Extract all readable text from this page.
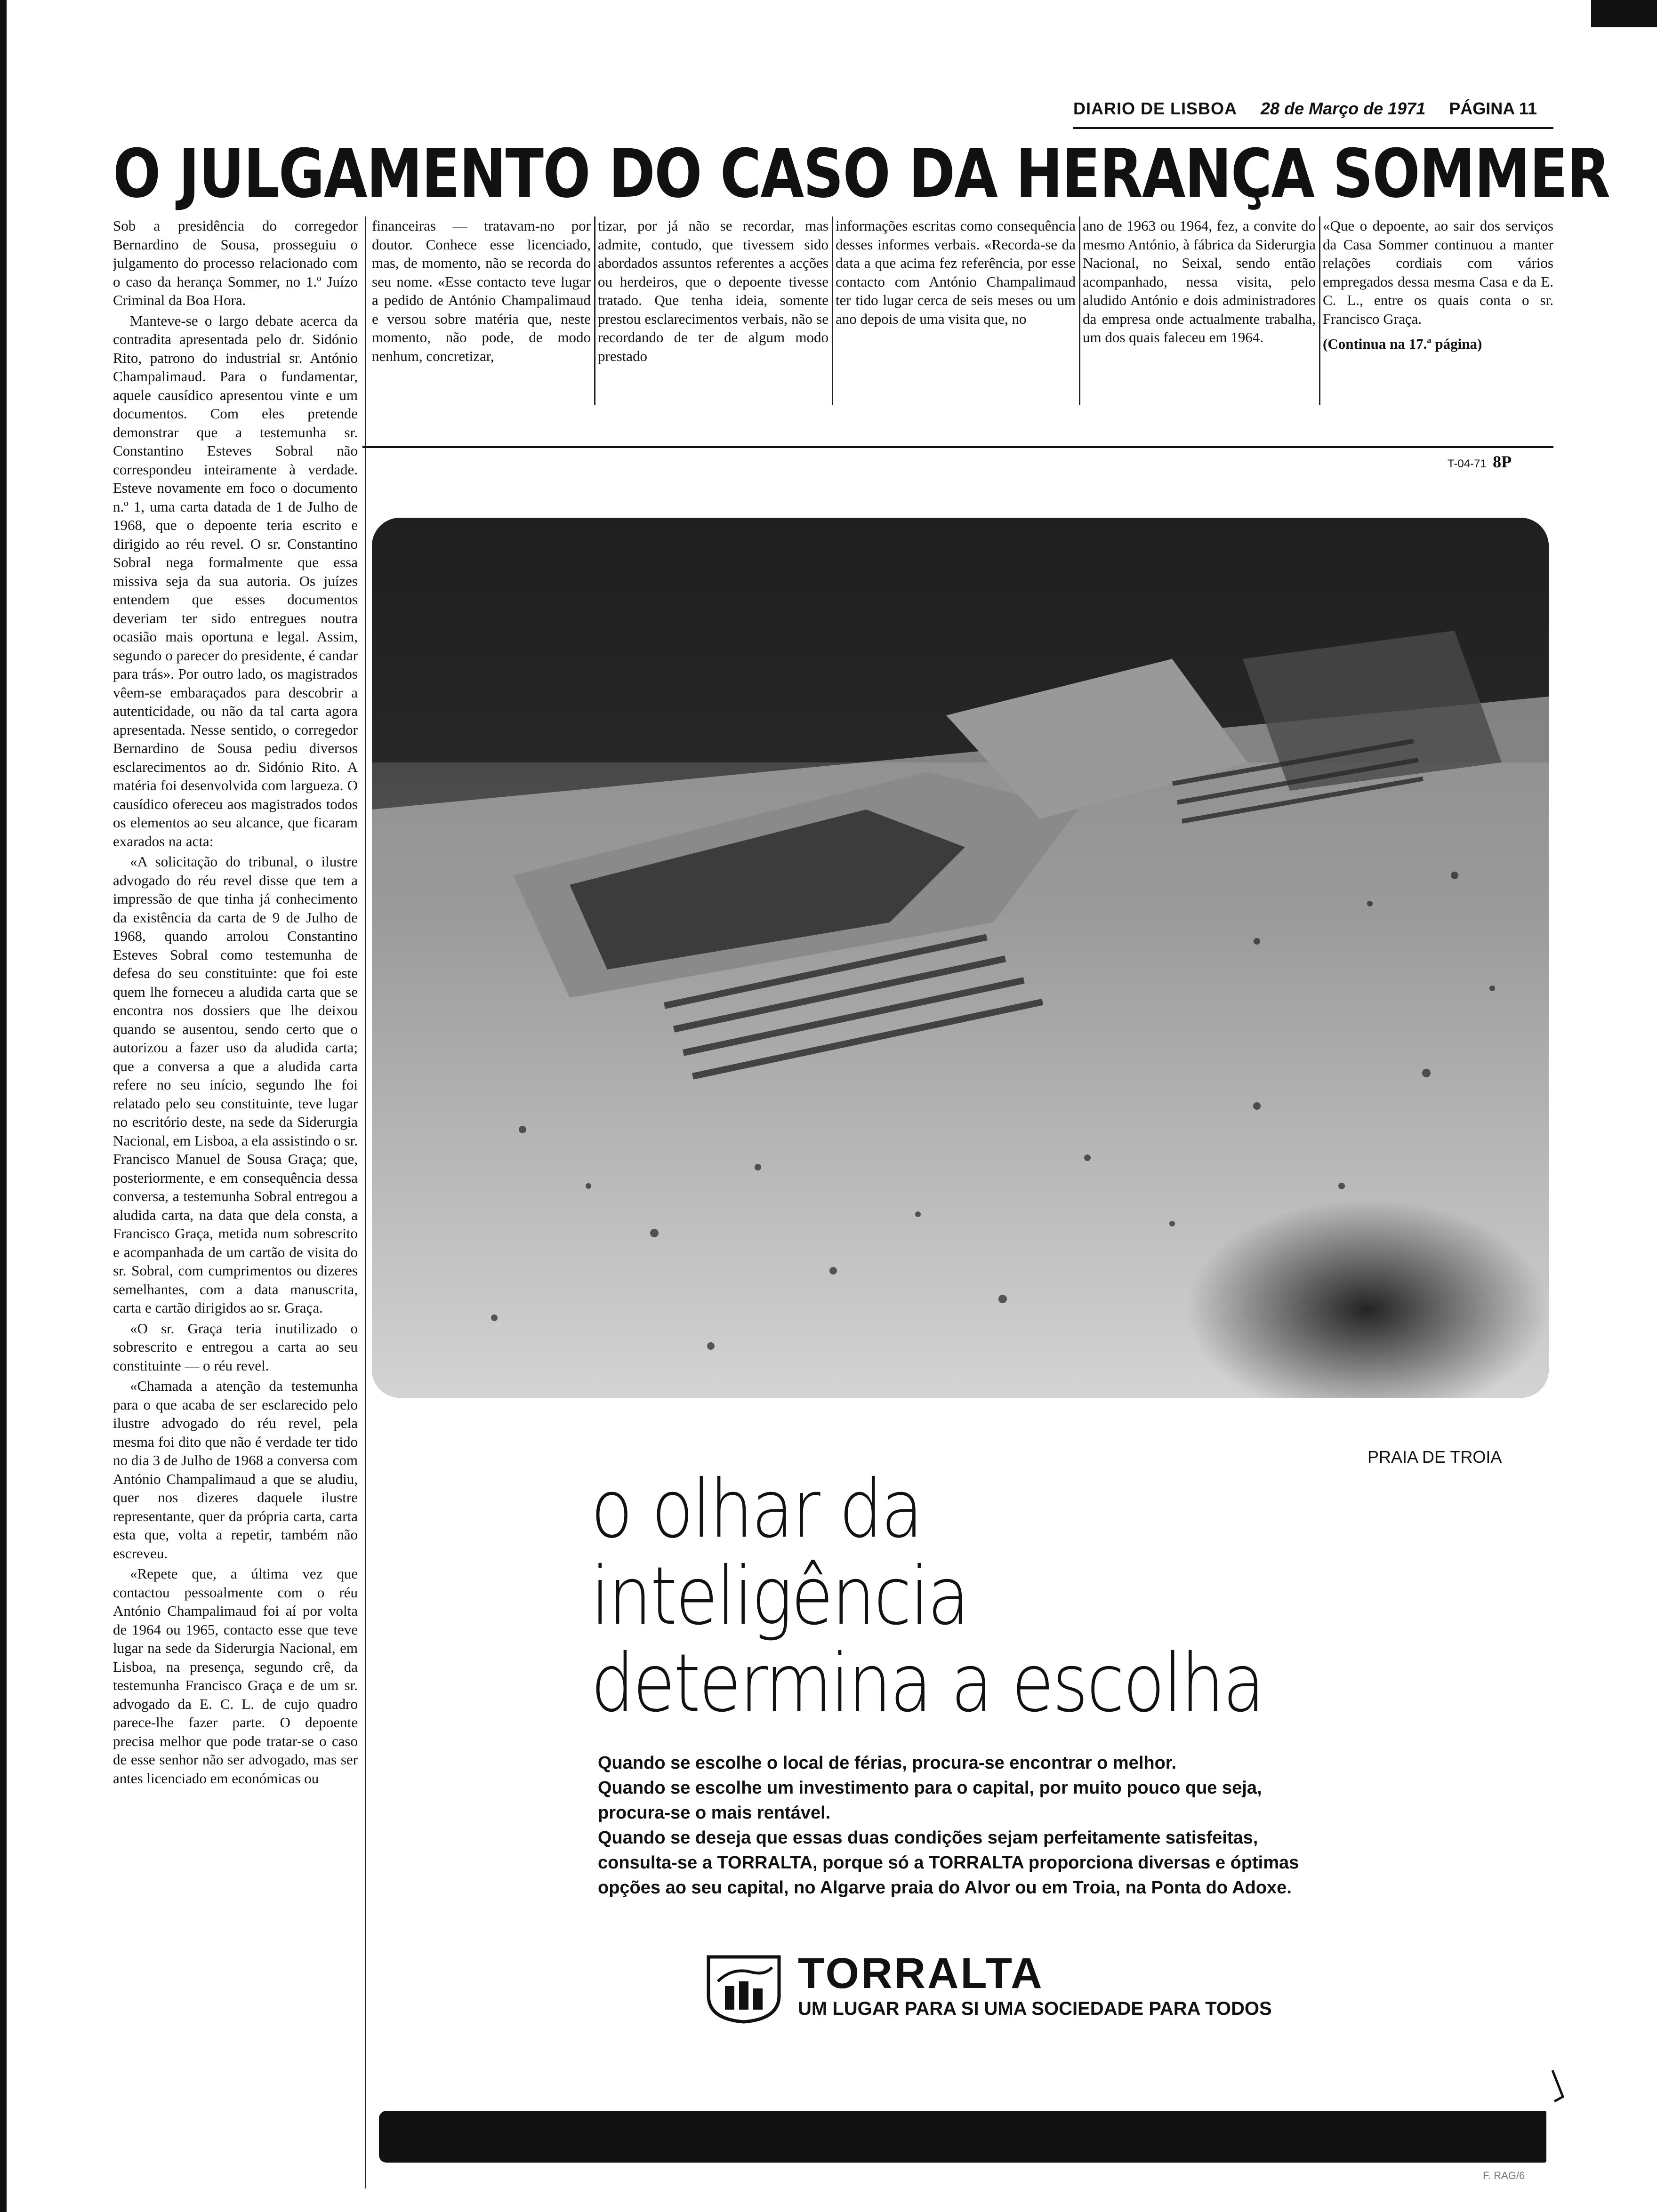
DIARIO DE LISBOA 28 de Março de 1971 PÁGINA 11
O JULGAMENTO DO CASO DA HERANÇA SOMMER

Sob a presidência do corregedor Bernardino de Sousa, prosseguiu o julgamento do processo relacionado com o caso da herança Sommer, no 1.º Juízo Criminal da Boa Hora.

Manteve-se o largo debate acerca da contradita apresentada pelo dr. Sidónio Rito, patrono do industrial sr. António Champalimaud. Para o fundamentar, aquele causídico apresentou vinte e um documentos. Com eles pretende demonstrar que a testemunha sr. Constantino Esteves Sobral não correspondeu inteiramente à verdade. Esteve novamente em foco o documento n.º 1, uma carta datada de 1 de Julho de 1968, que o depoente teria escrito e dirigido ao réu revel. O sr. Constantino Sobral nega formalmente que essa missiva seja da sua autoria. Os juízes entendem que esses documentos deveriam ter sido entregues noutra ocasião mais oportuna e legal. Assim, segundo o parecer do presidente, é candar para trás». Por outro lado, os magistrados vêem-se embaraçados para descobrir a autenticidade, ou não da tal carta agora apresentada. Nesse sentido, o corregedor Bernardino de Sousa pediu diversos esclarecimentos ao dr. Sidónio Rito. A matéria foi desenvolvida com largueza. O causídico ofereceu aos magistrados todos os elementos ao seu alcance, que ficaram exarados na acta:

«A solicitação do tribunal, o ilustre advogado do réu revel disse que tem a impressão de que tinha já conhecimento da existência da carta de 9 de Julho de 1968, quando arrolou Constantino Esteves Sobral como testemunha de defesa do seu constituinte: que foi este quem lhe forneceu a aludida carta que se encontra nos dossiers que lhe deixou quando se ausentou, sendo certo que o autorizou a fazer uso da aludida carta; que a conversa a que a aludida carta refere no seu início, segundo lhe foi relatado pelo seu constituinte, teve lugar no escritório deste, na sede da Siderurgia Nacional, em Lisboa, a ela assistindo o sr. Francisco Manuel de Sousa Graça; que, posteriormente, e em consequência dessa conversa, a testemunha Sobral entregou a aludida carta, na data que dela consta, a Francisco Graça, metida num sobrescrito e acompanhada de um cartão de visita do sr. Sobral, com cumprimentos ou dizeres semelhantes, com a data manuscrita, carta e cartão dirigidos ao sr. Graça.

«O sr. Graça teria inutilizado o sobrescrito e entregou a carta ao seu constituinte — o réu revel.

«Chamada a atenção da testemunha para o que acaba de ser esclarecido pelo ilustre advogado do réu revel, pela mesma foi dito que não é verdade ter tido no dia 3 de Julho de 1968 a conversa com António Champalimaud a que se aludiu, quer nos dizeres daquele ilustre representante, quer da própria carta, carta esta que, volta a repetir, também não escreveu.

«Repete que, a última vez que contactou pessoalmente com o réu António Champalimaud foi aí por volta de 1964 ou 1965, contacto esse que teve lugar na sede da Siderurgia Nacional, em Lisboa, na presença, segundo crê, da testemunha Francisco Graça e de um sr. advogado da E. C. L. de cujo quadro parece-lhe fazer parte. O depoente precisa melhor que pode tratar-se o caso de esse senhor não ser advogado, mas ser antes licenciado em económicas ou

financeiras — tratavam-no por doutor. Conhece esse licenciado, mas, de momento, não se recorda do seu nome. «Esse contacto teve lugar a pedido de António Champalimaud e versou sobre matéria que, neste momento, não pode, de modo nenhum, concretizar,

tizar, por já não se recordar, mas admite, contudo, que tivessem sido abordados assuntos referentes a acções ou herdeiros, que o depoente tivesse tratado. Que tenha ideia, somente prestou esclarecimentos verbais, não se recordando de ter de algum modo prestado

informações escritas como consequência desses informes verbais. «Recorda-se da data a que acima fez referência, por esse contacto com António Champalimaud ter tido lugar cerca de seis meses ou um ano depois de uma visita que, no

ano de 1963 ou 1964, fez, a convite do mesmo António, à fábrica da Siderurgia Nacional, no Seixal, sendo então acompanhado, nessa visita, pelo aludido António e dois administradores da empresa onde actualmente trabalha, um dos quais faleceu em 1964.

«Que o depoente, ao sair dos serviços da Casa Sommer continuou a manter relações cordiais com vários empregados dessa mesma Casa e da E. C. L., entre os quais conta o sr. Francisco Graça.

(Continua na 17.ª página)

T-04-71 8P
PRAIA DE TROIA
o olhar da
inteligência
determina a escolha

Quando se escolhe o local de férias, procura-se encontrar o melhor.

Quando se escolhe um investimento para o capital, por muito pouco que seja, procura-se o mais rentável.

Quando se deseja que essas duas condições sejam perfeitamente satisfeitas, consulta-se a TORRALTA, porque só a TORRALTA proporciona diversas e óptimas opções ao seu capital, no Algarve praia do Alvor ou em Troia, na Ponta do Adoxe.

TORRALTA
UM LUGAR PARA SI UMA SOCIEDADE PARA TODOS
F. RAG/6
